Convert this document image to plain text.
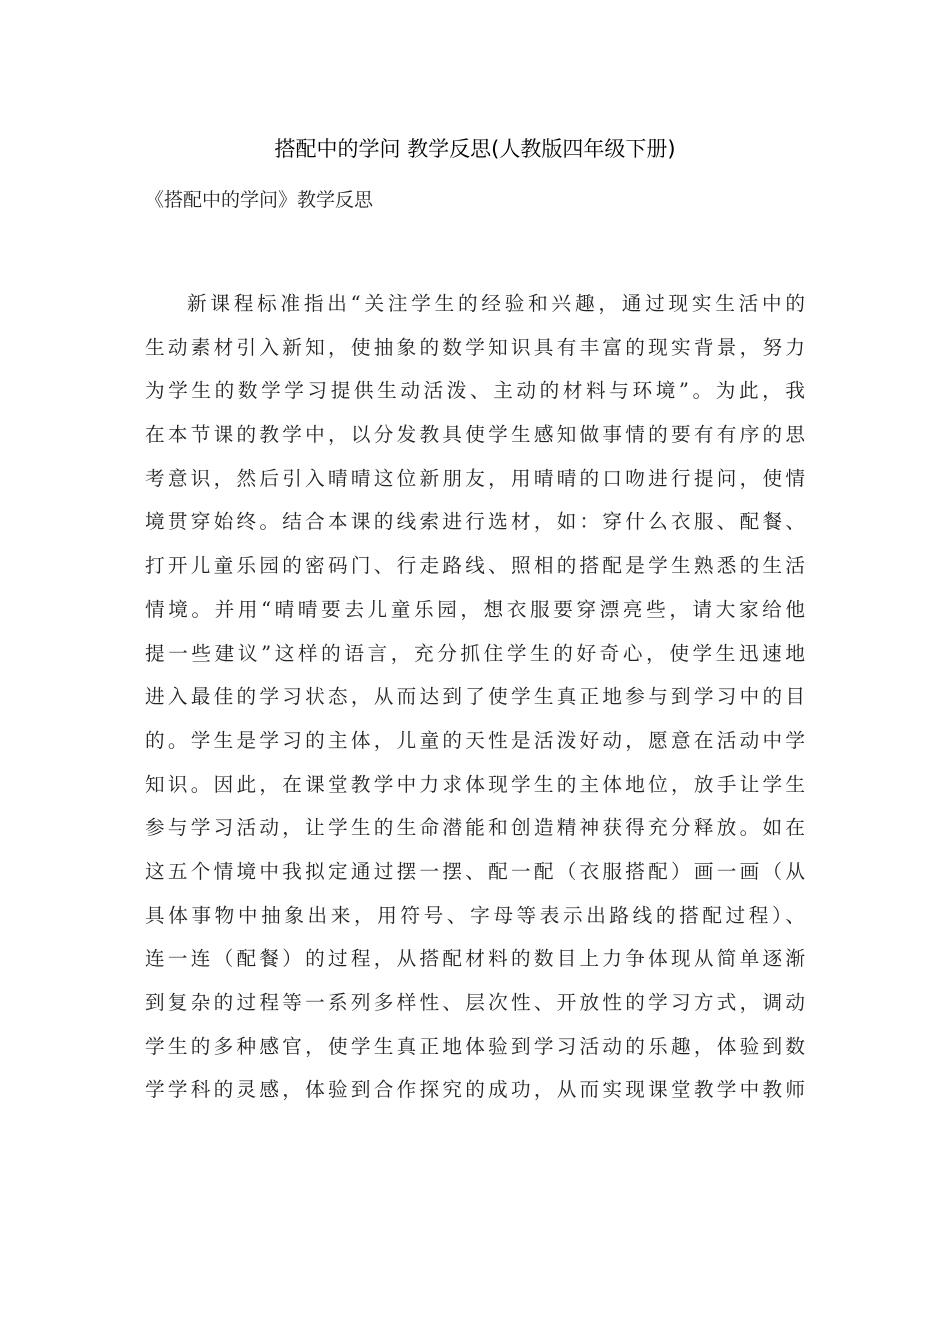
搭配中的学问 教学反思(人教版四年级下册)
《搭配中的学问》教学反思
新课程标准指出“关注学生的经验和兴趣，通过现实生活中的
生动素材引入新知，使抽象的数学知识具有丰富的现实背景，努力
为学生的数学学习提供生动活泼、主动的材料与环境”。为此，我
在本节课的教学中，以分发教具使学生感知做事情的要有有序的思
考意识，然后引入晴晴这位新朋友，用晴晴的口吻进行提问，使情
境贯穿始终。结合本课的线索进行选材，如：穿什么衣服、配餐、
打开儿童乐园的密码门、行走路线、照相的搭配是学生熟悉的生活
情境。并用“晴晴要去儿童乐园，想衣服要穿漂亮些，请大家给他
提一些建议”这样的语言，充分抓住学生的好奇心，使学生迅速地
进入最佳的学习状态，从而达到了使学生真正地参与到学习中的目
的。学生是学习的主体，儿童的天性是活泼好动，愿意在活动中学
知识。因此，在课堂教学中力求体现学生的主体地位，放手让学生
参与学习活动，让学生的生命潜能和创造精神获得充分释放。如在
这五个情境中我拟定通过摆一摆、配一配（衣服搭配）画一画（从
具体事物中抽象出来，用符号、字母等表示出路线的搭配过程）、
连一连（配餐）的过程，从搭配材料的数目上力争体现从简单逐渐
到复杂的过程等一系列多样性、层次性、开放性的学习方式，调动
学生的多种感官，使学生真正地体验到学习活动的乐趣，体验到数
学学科的灵感，体验到合作探究的成功，从而实现课堂教学中教师
